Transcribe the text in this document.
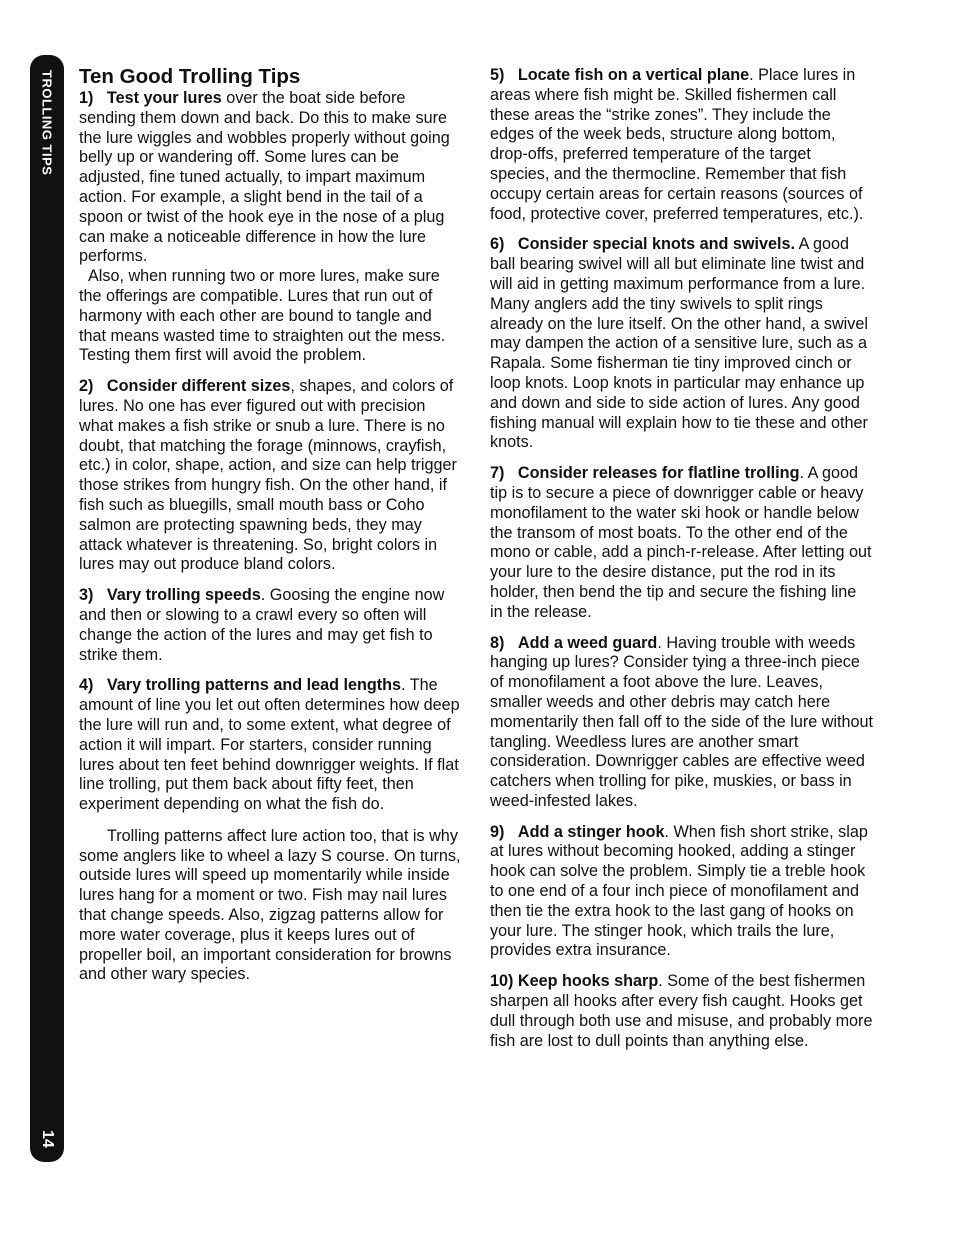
TROLLING TIPS
14
Ten Good Trolling Tips

1) Test your lures over the boat side before sending them down and back. Do this to make sure the lure wiggles and wobbles properly without going belly up or wandering off. Some lures can be adjusted, fine tuned actually, to impart maximum action. For example, a slight bend in the tail of a spoon or twist of the hook eye in the nose of a plug can make a noticeable difference in how the lure performs.

Also, when running two or more lures, make sure the offerings are compatible. Lures that run out of harmony with each other are bound to tangle and that means wasted time to straighten out the mess. Testing them first will avoid the problem.

2) Consider different sizes, shapes, and colors of lures. No one has ever figured out with precision what makes a fish strike or snub a lure. There is no doubt, that matching the forage (minnows, crayfish, etc.) in color, shape, action, and size can help trigger those strikes from hungry fish. On the other hand, if fish such as bluegills, small mouth bass or Coho salmon are protecting spawning beds, they may attack whatever is threatening. So, bright colors in lures may out produce bland colors.

3) Vary trolling speeds. Goosing the engine now and then or slowing to a crawl every so often will change the action of the lures and may get fish to strike them.

4) Vary trolling patterns and lead lengths. The amount of line you let out often determines how deep the lure will run and, to some extent, what degree of action it will impart. For starters, consider running lures about ten feet behind downrigger weights. If flat line trolling, put them back about fifty feet, then experiment depending on what the fish do.

Trolling patterns affect lure action too, that is why some anglers like to wheel a lazy S course. On turns, outside lures will speed up momentarily while inside lures hang for a moment or two. Fish may nail lures that change speeds. Also, zigzag patterns allow for more water coverage, plus it keeps lures out of propeller boil, an important consideration for browns and other wary species.

5) Locate fish on a vertical plane. Place lures in areas where fish might be. Skilled fishermen call these areas the “strike zones”. They include the edges of the week beds, structure along bottom, drop-offs, preferred temperature of the target species, and the thermocline. Remember that fish occupy certain areas for certain reasons (sources of food, protective cover, preferred temperatures, etc.).

6) Consider special knots and swivels. A good ball bearing swivel will all but eliminate line twist and will aid in getting maximum performance from a lure. Many anglers add the tiny swivels to split rings already on the lure itself. On the other hand, a swivel may dampen the action of a sensitive lure, such as a Rapala. Some fisherman tie tiny improved cinch or loop knots. Loop knots in particular may enhance up and down and side to side action of lures. Any good fishing manual will explain how to tie these and other knots.

7) Consider releases for flatline trolling. A good tip is to secure a piece of downrigger cable or heavy monofilament to the water ski hook or handle below the transom of most boats. To the other end of the mono or cable, add a pinch-r-release. After letting out your lure to the desire distance, put the rod in its holder, then bend the tip and secure the fishing line in the release.

8) Add a weed guard. Having trouble with weeds hanging up lures? Consider tying a three-inch piece of monofilament a foot above the lure. Leaves, smaller weeds and other debris may catch here momentarily then fall off to the side of the lure without tangling. Weedless lures are another smart consideration. Downrigger cables are effective weed catchers when trolling for pike, muskies, or bass in weed-infested lakes.

9) Add a stinger hook. When fish short strike, slap at lures without becoming hooked, adding a stinger hook can solve the problem. Simply tie a treble hook to one end of a four inch piece of monofilament and then tie the extra hook to the last gang of hooks on your lure. The stinger hook, which trails the lure, provides extra insurance.

10) Keep hooks sharp. Some of the best fishermen sharpen all hooks after every fish caught. Hooks get dull through both use and misuse, and probably more fish are lost to dull points than anything else.
